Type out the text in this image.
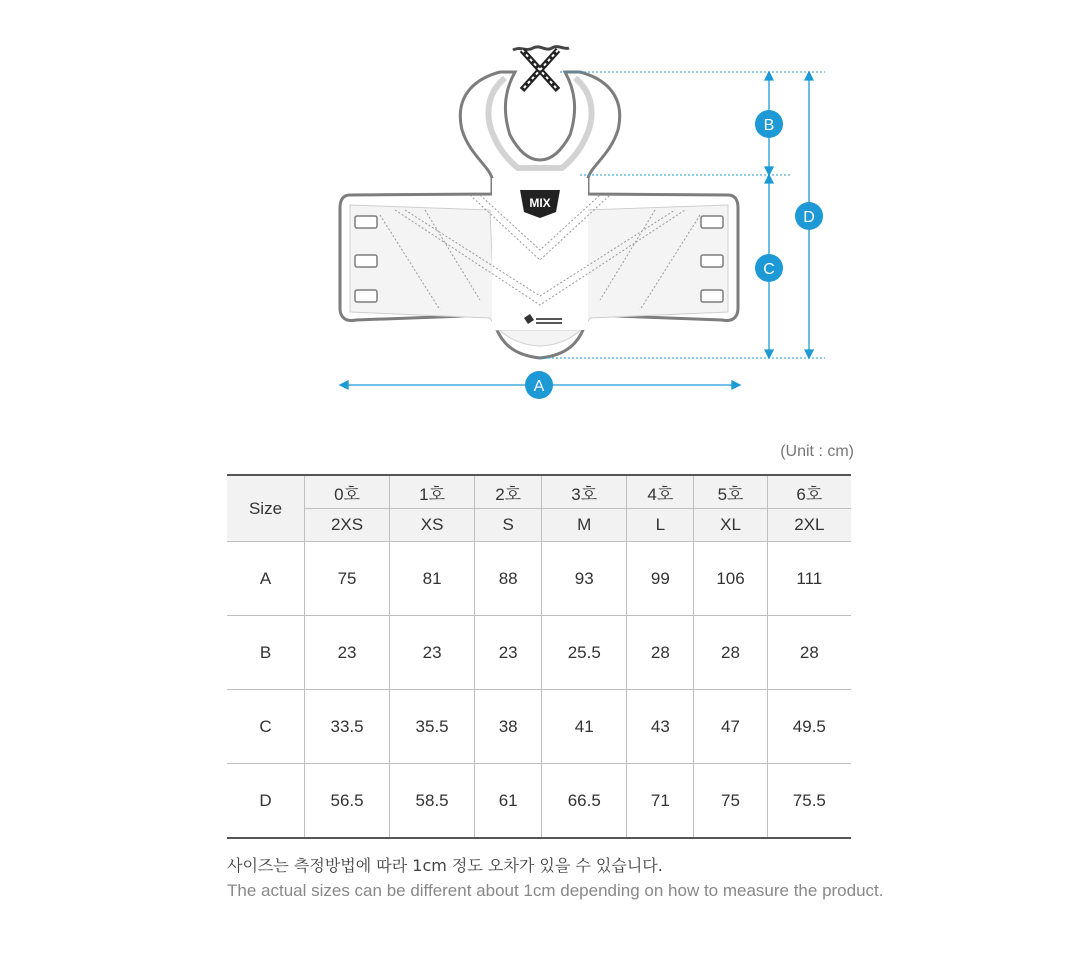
MIX
B
C
D
A
(Unit : cm)
Size	0호	1호	2호	3호	4호	5호	6호
	2XS	XS	S	M	L	XL	2XL
A	75	81	88	93	99	106	111
B	23	23	23	25.5	28	28	28
C	33.5	35.5	38	41	43	47	49.5
D	56.5	58.5	61	66.5	71	75	75.5
사이즈는 측정방법에 따라 1cm 정도 오차가 있을 수 있습니다.
The actual sizes can be different about 1cm depending on how to measure the product.
